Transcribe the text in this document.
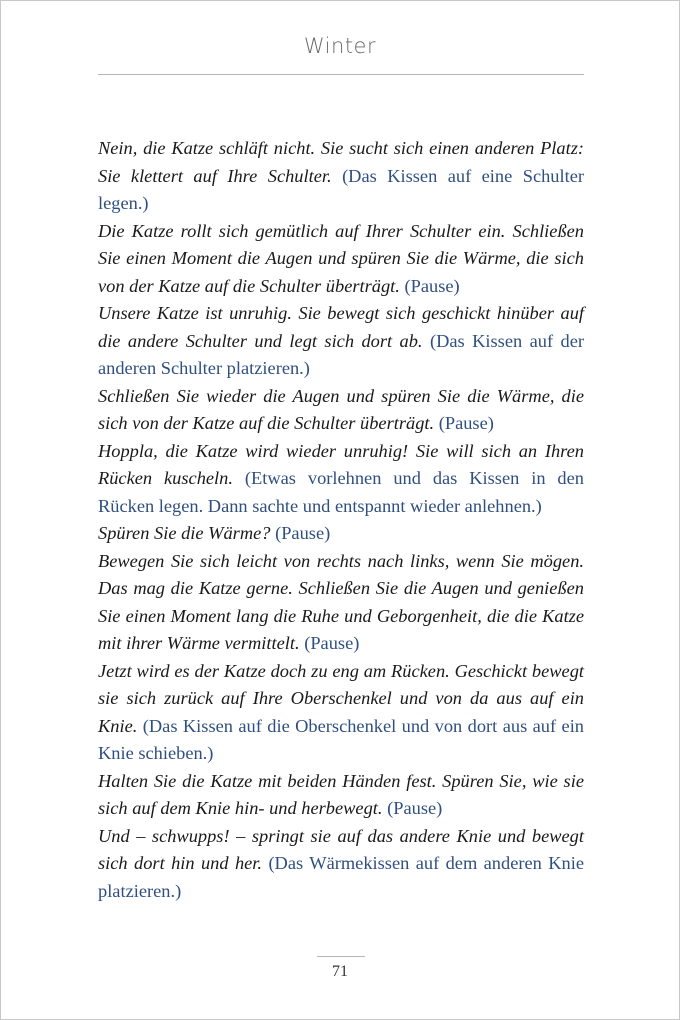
Winter

Nein, die Katze schläft nicht. Sie sucht sich einen anderen Platz: Sie klettert auf Ihre Schulter. (Das Kissen auf eine Schulter legen.)

Die Katze rollt sich gemütlich auf Ihrer Schulter ein. Schließen Sie einen Moment die Augen und spüren Sie die Wärme, die sich von der Katze auf die Schulter überträgt. (Pause)

Unsere Katze ist unruhig. Sie bewegt sich geschickt hinüber auf die andere Schulter und legt sich dort ab. (Das Kissen auf der anderen Schulter platzieren.)

Schließen Sie wieder die Augen und spüren Sie die Wärme, die sich von der Katze auf die Schulter überträgt. (Pause)

Hoppla, die Katze wird wieder unruhig! Sie will sich an Ihren Rücken kuscheln. (Etwas vorlehnen und das Kissen in den Rücken legen. Dann sachte und entspannt wieder anlehnen.)

Spüren Sie die Wärme? (Pause)

Bewegen Sie sich leicht von rechts nach links, wenn Sie mögen. Das mag die Katze gerne. Schließen Sie die Augen und genießen Sie einen Moment lang die Ruhe und Geborgenheit, die die Katze mit ihrer Wärme vermittelt. (Pause)

Jetzt wird es der Katze doch zu eng am Rücken. Geschickt bewegt sie sich zurück auf Ihre Oberschenkel und von da aus auf ein Knie. (Das Kissen auf die Oberschenkel und von dort aus auf ein Knie schieben.)

Halten Sie die Katze mit beiden Händen fest. Spüren Sie, wie sie sich auf dem Knie hin- und herbewegt. (Pause)

Und – schwupps! – springt sie auf das andere Knie und bewegt sich dort hin und her. (Das Wärmekissen auf dem anderen Knie platzieren.)

71
